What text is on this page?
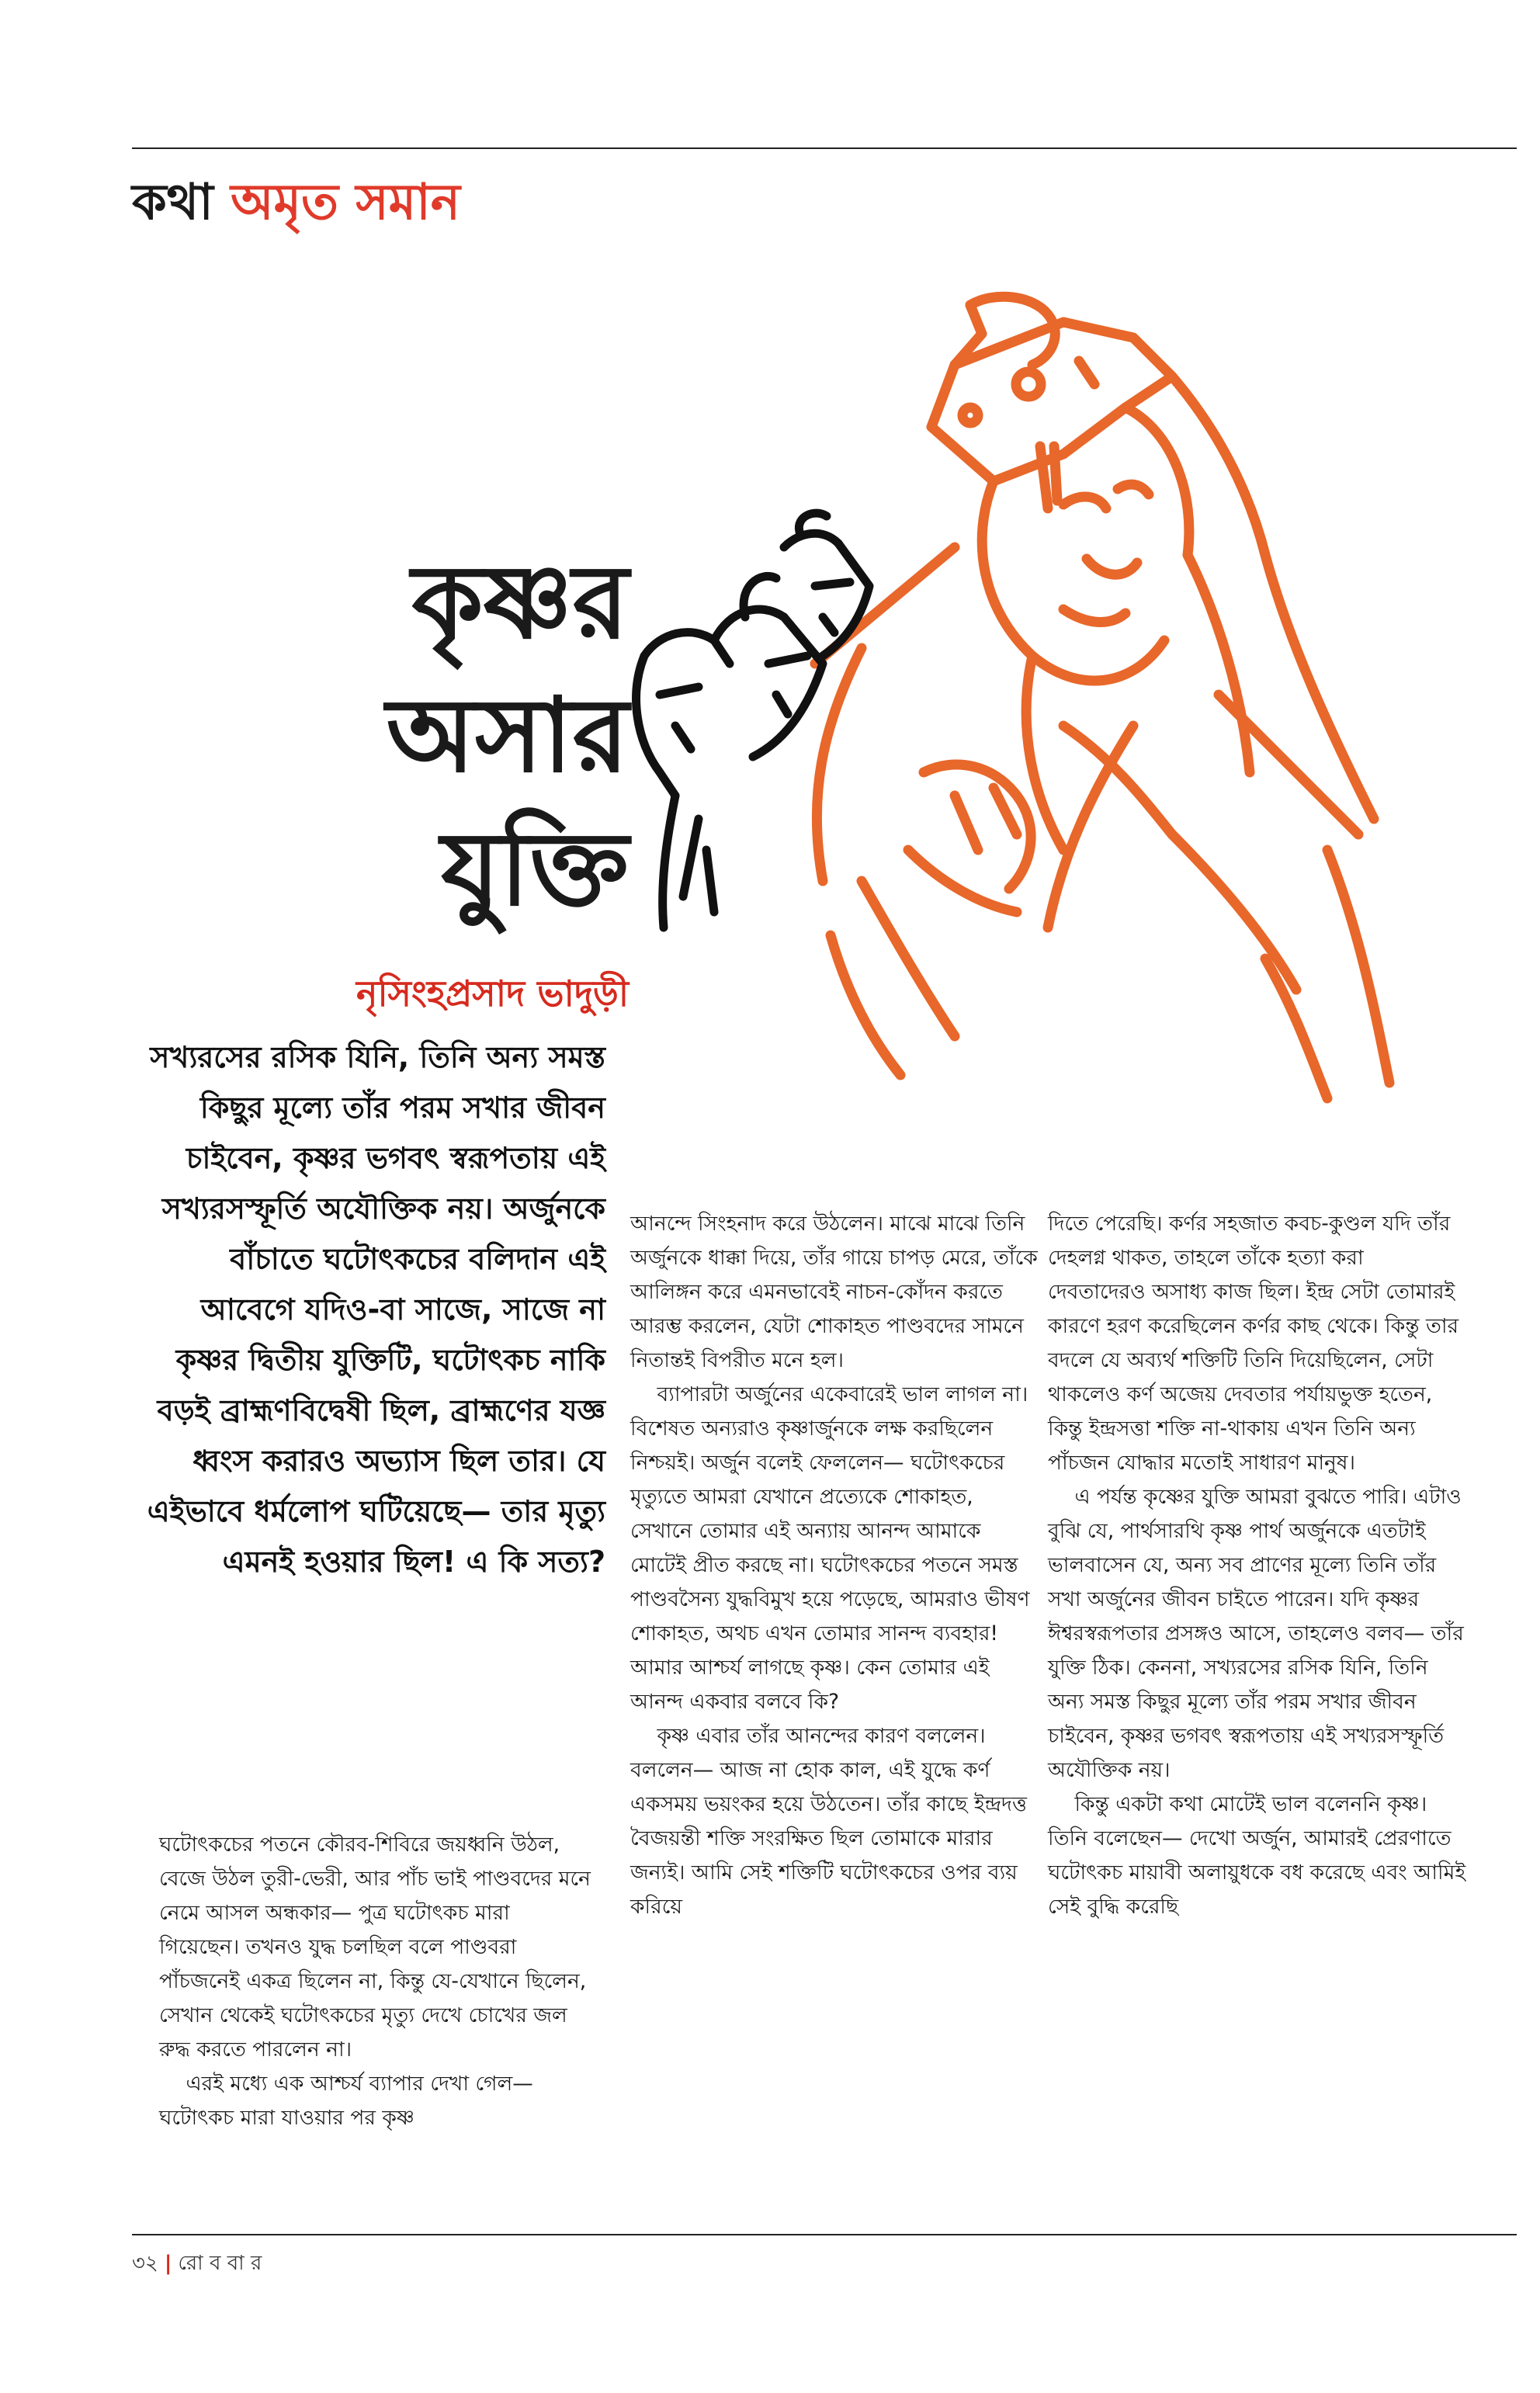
কথা অমৃত সমান
কৃষ্ণর
অসার
যুক্তি
নৃসিংহপ্রসাদ ভাদুড়ী

সখ্যরসের রসিক যিনি, তিনি অন্য সমস্ত কিছুর মূল্যে তাঁর পরম সখার জীবন চাইবেন, কৃষ্ণর ভগবৎ স্বরূপতায় এই সখ্যরসস্ফূর্তি অযৌক্তিক নয়। অর্জুনকে বাঁচাতে ঘটোৎকচের বলিদান এই আবেগে যদিও-বা সাজে, সাজে না কৃষ্ণর দ্বিতীয় যুক্তিটি, ঘটোৎকচ নাকি বড়ই ব্রাহ্মণবিদ্বেষী ছিল, ব্রাহ্মণের যজ্ঞ ধ্বংস করারও অভ্যাস ছিল তার। যে এইভাবে ধর্মলোপ ঘটিয়েছে— তার মৃত্যু এমনই হওয়ার ছিল! এ কি সত্য?

ঘটোৎকচের পতনে কৌরব-শিবিরে জয়ধ্বনি উঠল, বেজে উঠল তুরী-ভেরী, আর পাঁচ ভাই পাণ্ডবদের মনে নেমে আসল অন্ধকার— পুত্র ঘটোৎকচ মারা গিয়েছেন। তখনও যুদ্ধ চলছিল বলে পাণ্ডবরা পাঁচজনেই একত্র ছিলেন না, কিন্তু যে-যেখানে ছিলেন, সেখান থেকেই ঘটোৎকচের মৃত্যু দেখে চোখের জল রুদ্ধ করতে পারলেন না।

এরই মধ্যে এক আশ্চর্য ব্যাপার দেখা গেল— ঘটোৎকচ মারা যাওয়ার পর কৃষ্ণ

আনন্দে সিংহনাদ করে উঠলেন। মাঝে মাঝে তিনি অর্জুনকে ধাক্কা দিয়ে, তাঁর গায়ে চাপড় মেরে, তাঁকে আলিঙ্গন করে এমনভাবেই নাচন-কোঁদন করতে আরম্ভ করলেন, যেটা শোকাহত পাণ্ডবদের সামনে নিতান্তই বিপরীত মনে হল।

ব্যাপারটা অর্জুনের একেবারেই ভাল লাগল না। বিশেষত অন্যরাও কৃষ্ণার্জুনকে লক্ষ করছিলেন নিশ্চয়ই। অর্জুন বলেই ফেললেন— ঘটোৎকচের মৃত্যুতে আমরা যেখানে প্রত্যেকে শোকাহত, সেখানে তোমার এই অন্যায় আনন্দ আমাকে মোটেই প্রীত করছে না। ঘটোৎকচের পতনে সমস্ত পাণ্ডবসৈন্য যুদ্ধবিমুখ হয়ে পড়েছে, আমরাও ভীষণ শোকাহত, অথচ এখন তোমার সানন্দ ব্যবহার! আমার আশ্চর্য লাগছে কৃষ্ণ। কেন তোমার এই আনন্দ একবার বলবে কি?

কৃষ্ণ এবার তাঁর আনন্দের কারণ বললেন। বললেন— আজ না হোক কাল, এই যুদ্ধে কর্ণ একসময় ভয়ংকর হয়ে উঠতেন। তাঁর কাছে ইন্দ্রদত্ত বৈজয়ন্তী শক্তি সংরক্ষিত ছিল তোমাকে মারার জন্যই। আমি সেই শক্তিটি ঘটোৎকচের ওপর ব্যয় করিয়ে

দিতে পেরেছি। কর্ণর সহজাত কবচ-কুণ্ডল যদি তাঁর দেহলগ্ন থাকত, তাহলে তাঁকে হত্যা করা দেবতাদেরও অসাধ্য কাজ ছিল। ইন্দ্র সেটা তোমারই কারণে হরণ করেছিলেন কর্ণর কাছ থেকে। কিন্তু তার বদলে যে অব্যর্থ শক্তিটি তিনি দিয়েছিলেন, সেটা থাকলেও কর্ণ অজেয় দেবতার পর্যায়ভুক্ত হতেন, কিন্তু ইন্দ্রসত্তা শক্তি না-থাকায় এখন তিনি অন্য পাঁচজন যোদ্ধার মতোই সাধারণ মানুষ।

এ পর্যন্ত কৃষ্ণের যুক্তি আমরা বুঝতে পারি। এটাও বুঝি যে, পার্থসারথি কৃষ্ণ পার্থ অর্জুনকে এতটাই ভালবাসেন যে, অন্য সব প্রাণের মূল্যে তিনি তাঁর সখা অর্জুনের জীবন চাইতে পারেন। যদি কৃষ্ণর ঈশ্বরস্বরূপতার প্রসঙ্গও আসে, তাহলেও বলব— তাঁর যুক্তি ঠিক। কেননা, সখ্যরসের রসিক যিনি, তিনি অন্য সমস্ত কিছুর মূল্যে তাঁর পরম সখার জীবন চাইবেন, কৃষ্ণর ভগবৎ স্বরূপতায় এই সখ্যরসস্ফূর্তি অযৌক্তিক নয়।

কিন্তু একটা কথা মোটেই ভাল বলেননি কৃষ্ণ। তিনি বলেছেন— দেখো অর্জুন, আমারই প্রেরণাতে ঘটোৎকচ মায়াবী অলায়ুধকে বধ করেছে এবং আমিই সেই বুদ্ধি করেছি

৩২ | রো ব বা র
